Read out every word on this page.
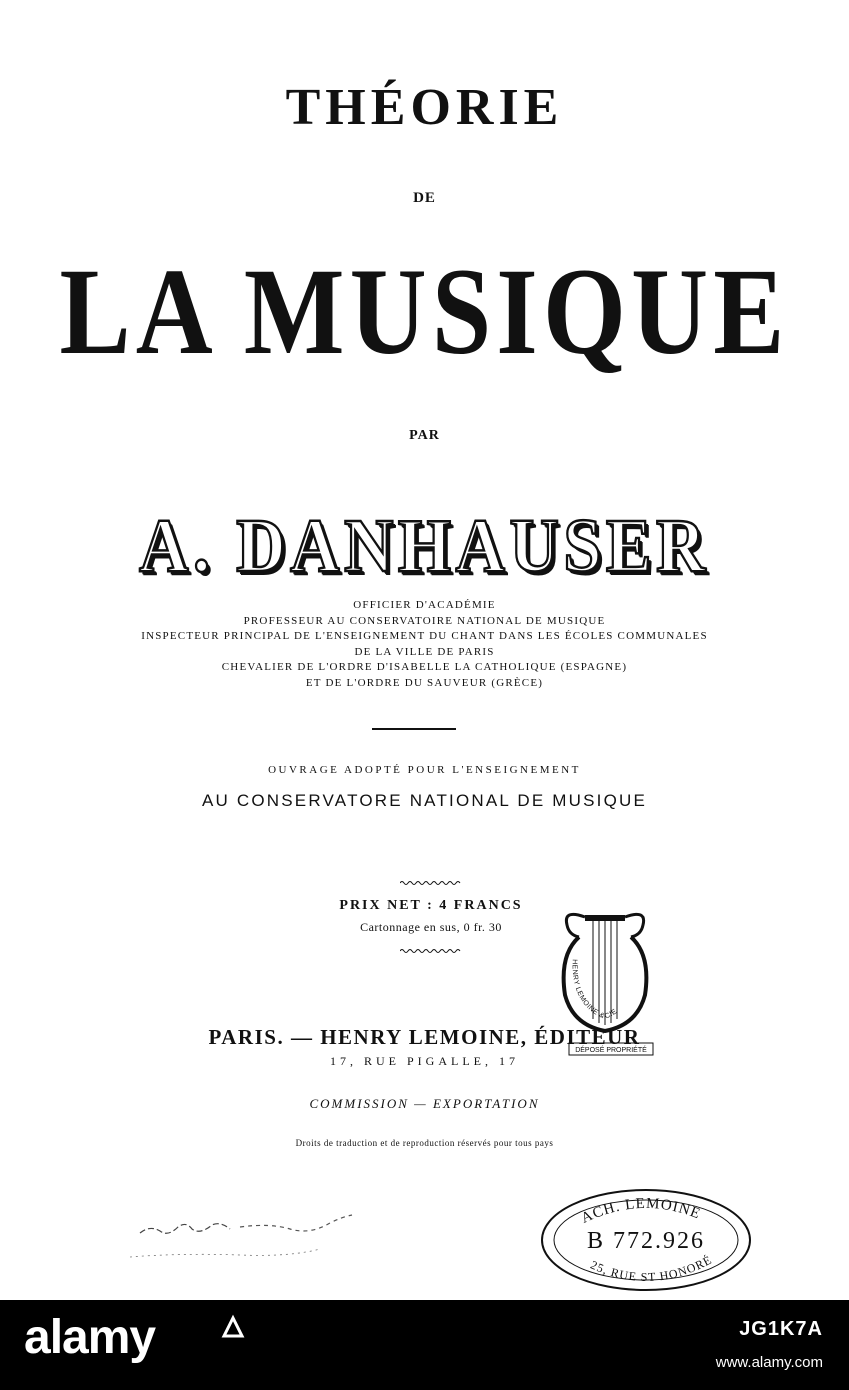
THÉORIE
DE
LA MUSIQUE
PAR
A. DANHAUSER
OFFICIER D'ACADÉMIE
PROFESSEUR AU CONSERVATOIRE NATIONAL DE MUSIQUE
INSPECTEUR PRINCIPAL DE L'ENSEIGNEMENT DU CHANT DANS LES ÉCOLES COMMUNALES
DE LA VILLE DE PARIS
CHEVALIER DE L'ORDRE D'ISABELLE LA CATHOLIQUE (ESPAGNE)
ET DE L'ORDRE DU SAUVEUR (GRÈCE)
OUVRAGE ADOPTÉ POUR L'ENSEIGNEMENT
AU CONSERVATORE NATIONAL DE MUSIQUE
PRIX NET : 4 FRANCS
Cartonnage en sus, 0 fr. 30
HENRY LEMOINE & CIE
DÉPOSÉ PROPRIÉTÉ
PARIS. — HENRY LEMOINE, ÉDITEUR
17, RUE PIGALLE, 17
COMMISSION — EXPORTATION
Droits de traduction et de reproduction réservés pour tous pays
ACH. LEMOINE
B 772.926
25, RUE ST HONORÉ
alamy	JG1K7A
www.alamy.com
